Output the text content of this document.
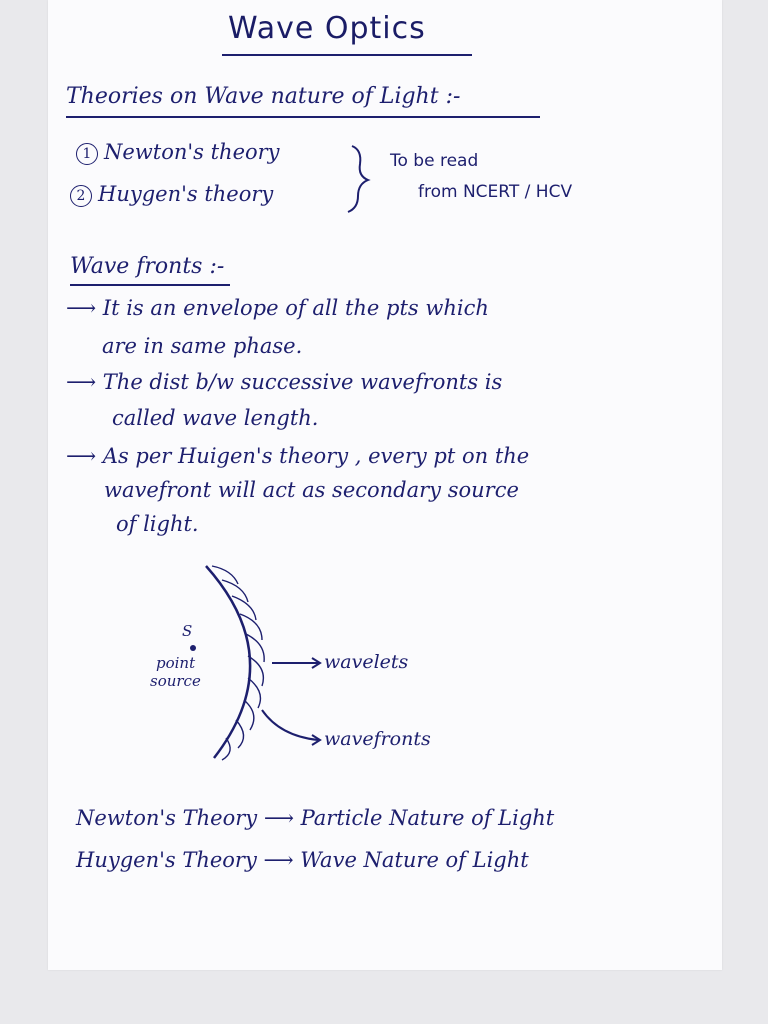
Wave Optics
Theories on Wave nature of Light :-
1 Newton's theory
2 Huygen's theory
To be read
from NCERT / HCV
Wave fronts :-
⟶ It is an envelope of all the pts which
are in same phase.
⟶ The dist b/w successive wavefronts is
called wave length.
⟶ As per Huigen's theory , every pt on the
wavefront will act as secondary source
of light.
S
point
source
wavelets
wavefronts
Newton's Theory ⟶ Particle Nature of Light
Huygen's Theory ⟶ Wave Nature of Light
